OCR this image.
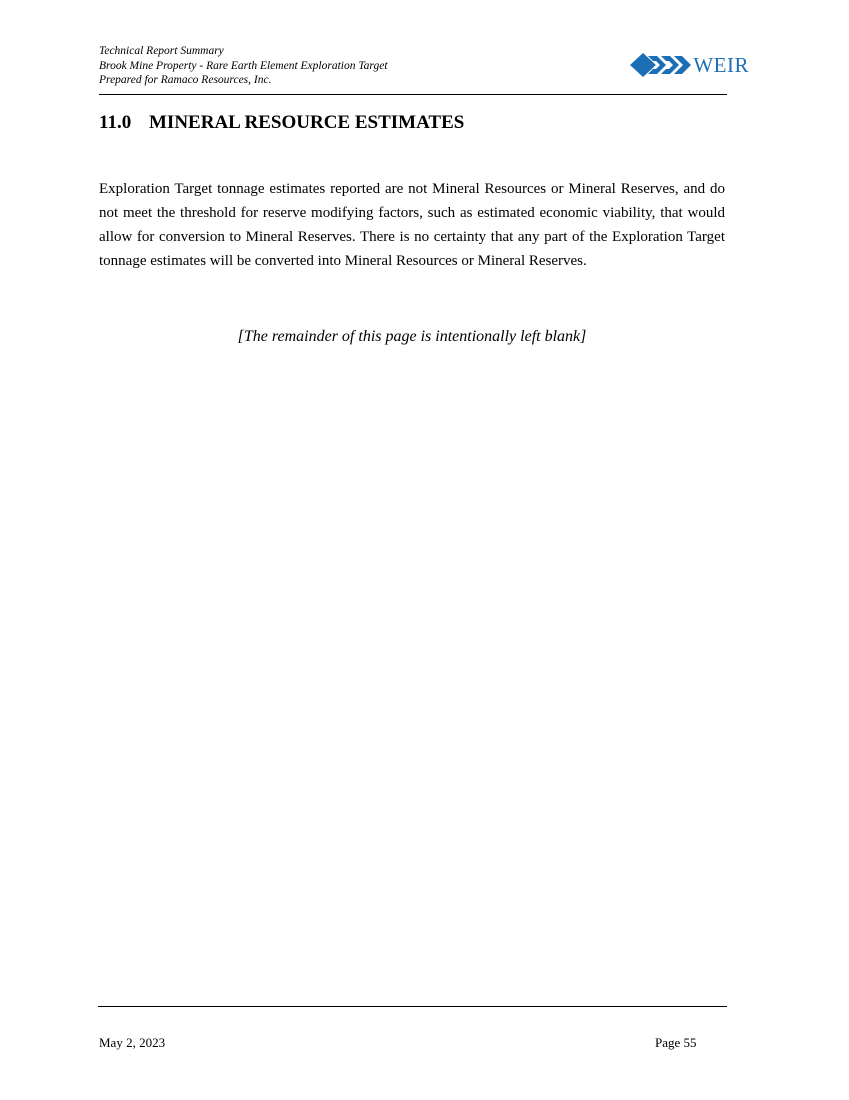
Technical Report Summary
Brook Mine Property - Rare Earth Element Exploration Target
Prepared for Ramaco Resources, Inc.
WEIR
11.0 MINERAL RESOURCE ESTIMATES

Exploration Target tonnage estimates reported are not Mineral Resources or Mineral Reserves, and do not meet the threshold for reserve modifying factors, such as estimated economic viability, that would allow for conversion to Mineral Reserves. There is no certainty that any part of the Exploration Target tonnage estimates will be converted into Mineral Resources or Mineral Reserves.

[The remainder of this page is intentionally left blank]
May 2, 2023	Page 55
